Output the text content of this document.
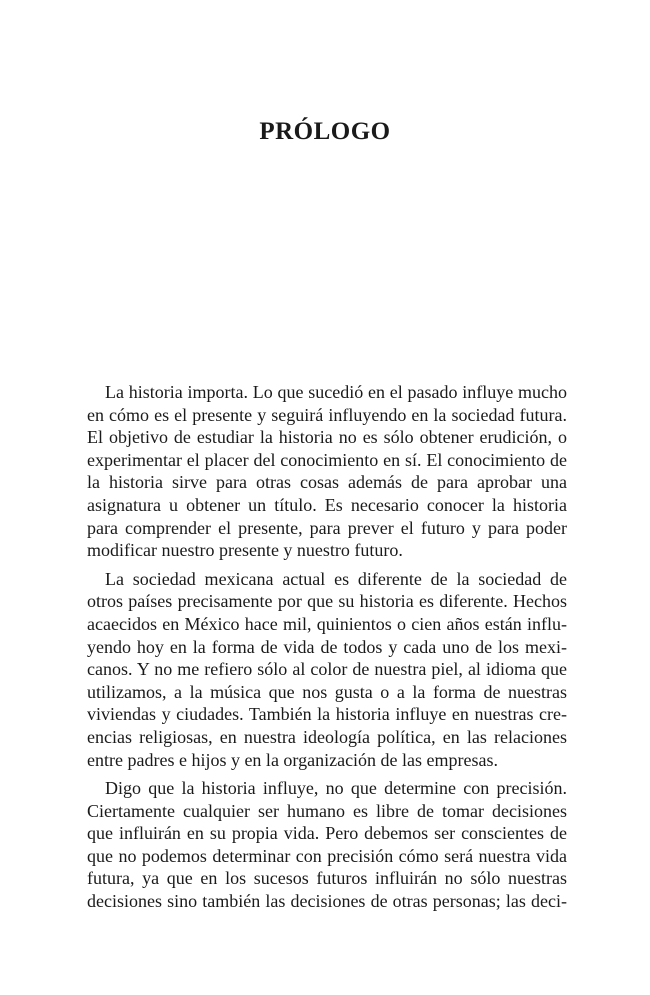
PRÓLOGO

La historia importa. Lo que sucedió en el pasado influye mucho en cómo es el presente y seguirá influyendo en la sociedad futura. El objetivo de estudiar la historia no es sólo obtener erudición, o experimentar el placer del conocimiento en sí. El conocimiento de la historia sirve para otras cosas además de para aprobar una asignatura u obtener un título. Es necesario conocer la historia para comprender el presente, para prever el futuro y para poder modificar nuestro presente y nuestro futuro.

La sociedad mexicana actual es diferente de la sociedad de otros países precisamente por que su historia es diferente. Hechos acaecidos en México hace mil, quinientos o cien años están influyendo hoy en la forma de vida de todos y cada uno de los mexicanos. Y no me refiero sólo al color de nuestra piel, al idioma que utilizamos, a la música que nos gusta o a la forma de nuestras viviendas y ciudades. También la historia influye en nuestras creencias religiosas, en nuestra ideología política, en las relaciones entre padres e hijos y en la organización de las empresas.

Digo que la historia influye, no que determine con precisión. Ciertamente cualquier ser humano es libre de tomar decisiones que influirán en su propia vida. Pero debemos ser conscientes de que no podemos determinar con precisión cómo será nuestra vida futura, ya que en los sucesos futuros influirán no sólo nuestras decisiones sino también las decisiones de otras personas; las deci-
